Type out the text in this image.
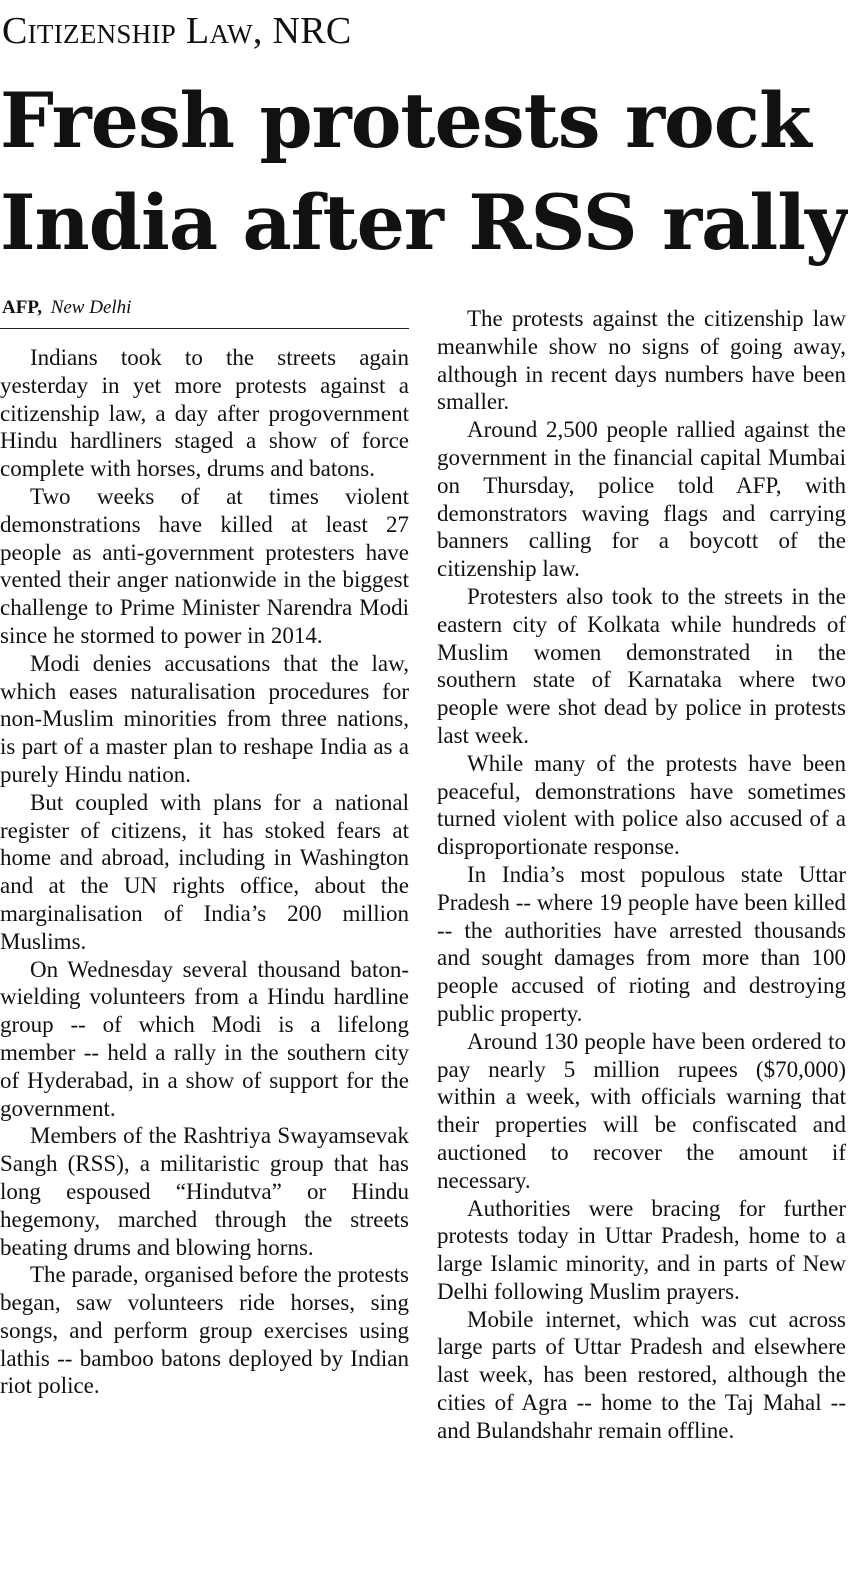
Citizenship Law, NRC
Fresh protests rock
India after RSS rally
AFP, New Delhi

Indians took to the streets again yesterday in yet more protests against a citizenship law, a day after progovernment Hindu hardliners staged a show of force complete with horses, drums and batons.

Two weeks of at times violent demonstrations have killed at least 27 people as anti-government protesters have vented their anger nationwide in the biggest challenge to Prime Minister Narendra Modi since he stormed to power in 2014.

Modi denies accusations that the law, which eases naturalisation procedures for non-Muslim minorities from three nations, is part of a master plan to reshape India as a purely Hindu nation.

But coupled with plans for a national register of citizens, it has stoked fears at home and abroad, including in Washington and at the UN rights office, about the marginalisation of India’s 200 million Muslims.

On Wednesday several thousand baton-wielding volunteers from a Hindu hardline group -- of which Modi is a lifelong member -- held a rally in the southern city of Hyderabad, in a show of support for the government.

Members of the Rashtriya Swayamsevak Sangh (RSS), a militaristic group that has long espoused “Hindutva” or Hindu hegemony, marched through the streets beating drums and blowing horns.

The parade, organised before the protests began, saw volunteers ride horses, sing songs, and perform group exercises using lathis -- bamboo batons deployed by Indian riot police.

The protests against the citizenship law meanwhile show no signs of going away, although in recent days numbers have been smaller.

Around 2,500 people rallied against the government in the financial capital Mumbai on Thursday, police told AFP, with demonstrators waving flags and carrying banners calling for a boycott of the citizenship law.

Protesters also took to the streets in the eastern city of Kolkata while hundreds of Muslim women demonstrated in the southern state of Karnataka where two people were shot dead by police in protests last week.

While many of the protests have been peaceful, demonstrations have sometimes turned violent with police also accused of a disproportionate response.

In India’s most populous state Uttar Pradesh -- where 19 people have been killed -- the authorities have arrested thousands and sought damages from more than 100 people accused of rioting and destroying public property.

Around 130 people have been ordered to pay nearly 5 million rupees ($70,000) within a week, with officials warning that their properties will be confiscated and auctioned to recover the amount if necessary.

Authorities were bracing for further protests today in Uttar Pradesh, home to a large Islamic minority, and in parts of New Delhi following Muslim prayers.

Mobile internet, which was cut across large parts of Uttar Pradesh and elsewhere last week, has been restored, although the cities of Agra -- home to the Taj Mahal -- and Bulandshahr remain offline.
